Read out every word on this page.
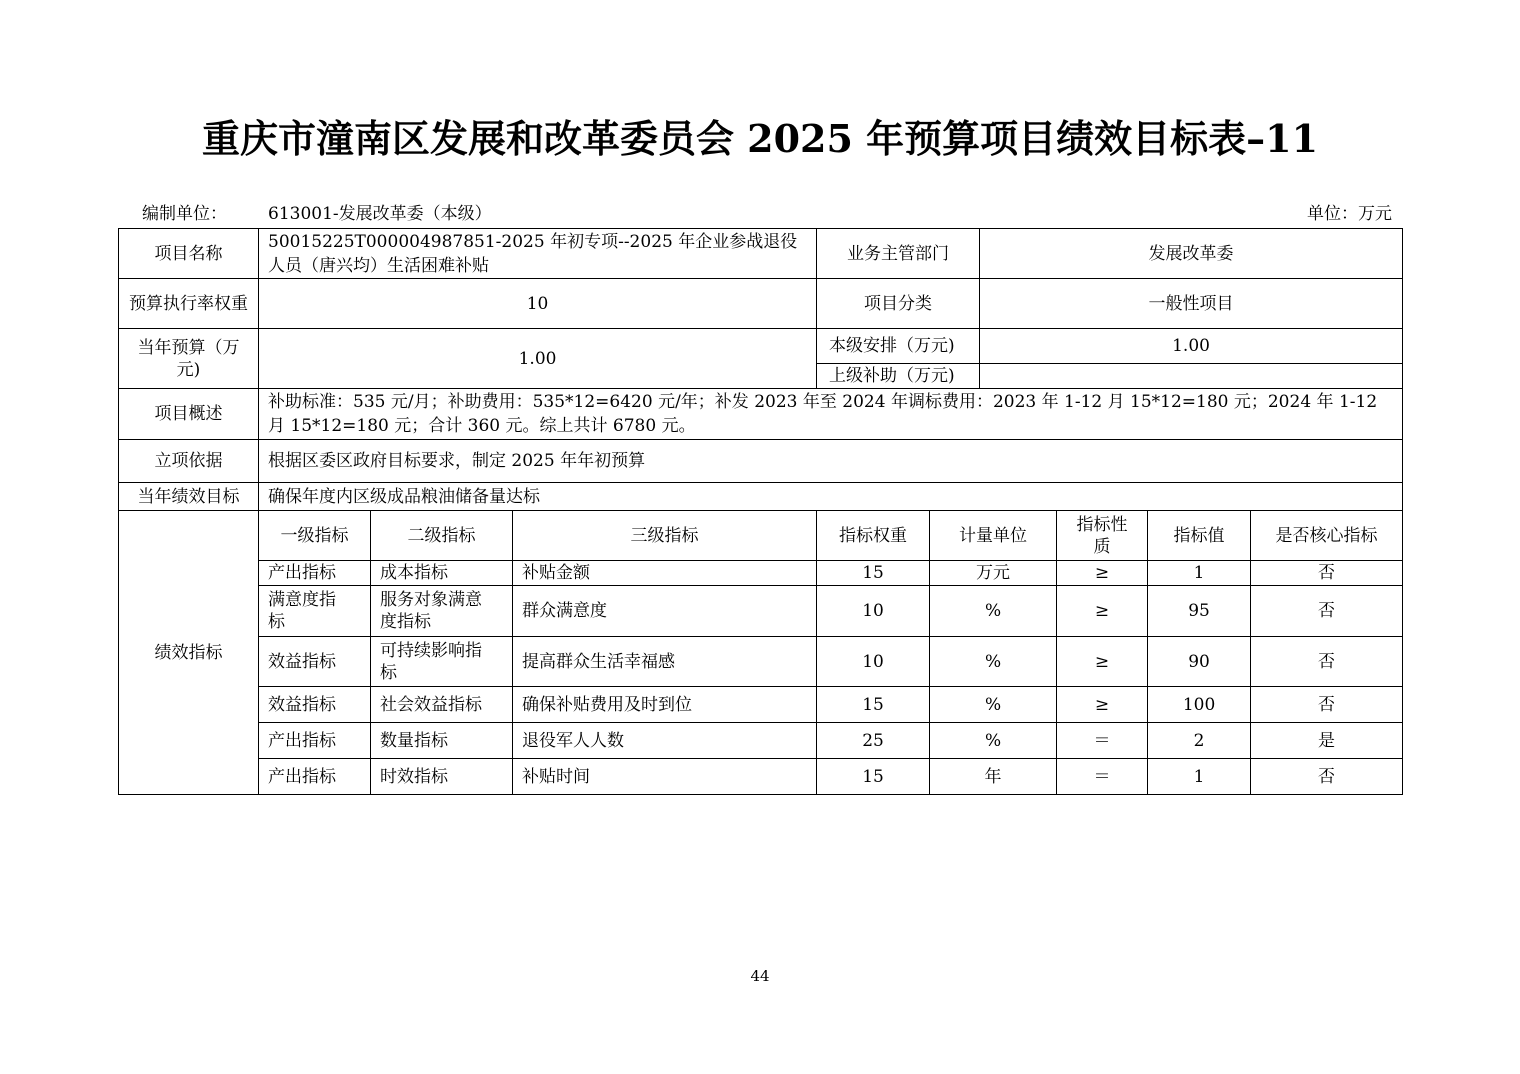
重庆市潼南区发展和改革委员会 2025 年预算项目绩效目标表–11
编制单位： 613001-发展改革委（本级）	单位：万元
项目名称	50015225T000004987851-2025 年初专项--2025 年企业参战退役人员（唐兴均）生活困难补贴			业务主管部门		发展改革委			
预算执行率权重	10			项目分类		一般性项目			
当年预算（万元)	1.00			本级安排（万元)		1.00			
				上级补助（万元)					
项目概述	补助标准：535 元/月；补助费用：535*12=6420 元/年；补发 2023 年至 2024 年调标费用：2023 年 1-12 月 15*12=180 元；2024 年 1-12 月 15*12=180 元；合计 360 元。综上共计 6780 元。								
立项依据	根据区委区政府目标要求，制定 2025 年年初预算								
当年绩效目标	确保年度内区级成品粮油储备量达标								
绩效指标	一级指标	二级指标	三级指标	指标权重	计量单位		指标性质	指标值	是否核心指标
	产出指标	成本指标	补贴金额	15	万元		≥	1	否
	满意度指标	服务对象满意度指标	群众满意度	10	%		≥	95	否
	效益指标	可持续影响指标	提高群众生活幸福感	10	%		≥	90	否
	效益指标	社会效益指标	确保补贴费用及时到位	15	%		≥	100	否
	产出指标	数量指标	退役军人人数	25	%		＝	2	是
	产出指标	时效指标	补贴时间	15	年		＝	1	否
44
